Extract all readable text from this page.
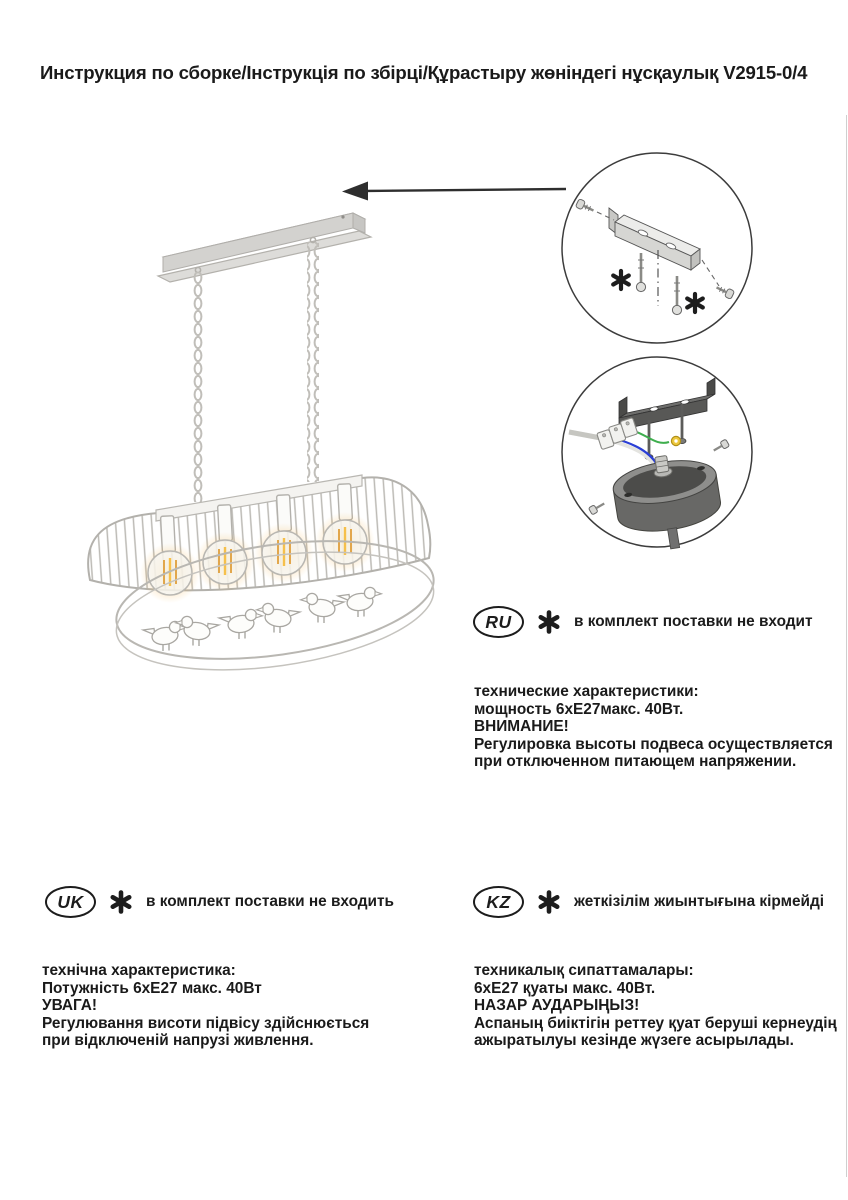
Инструкция по сборке/Інструкція по збірці/Құрастыру жөніндегі нұсқаулық V2915-0/4
RU	в комплект поставки не входит
технические характеристики:
мощность 6хЕ27макс. 40Вт.
ВНИМАНИЕ!
Регулировка высоты подвеса осуществляется
при отключенном питающем напряжении.
UK	в комплект поставки не входить
технічна характеристика:
Потужність 6хЕ27 макс. 40Вт
УВАГА!
Регулювання висоти підвісу здійснюється
при відключеній напрузі живлення.
KZ	жеткізілім жиынтығына кірмейді
техникалық сипаттамалары:
6хЕ27 қуаты макс. 40Вт.
НАЗАР АУДАРЫҢЫЗ!
Аспаның биіктігін реттеу қуат беруші кернеудің
ажыратылуы кезінде жүзеге асырылады.
